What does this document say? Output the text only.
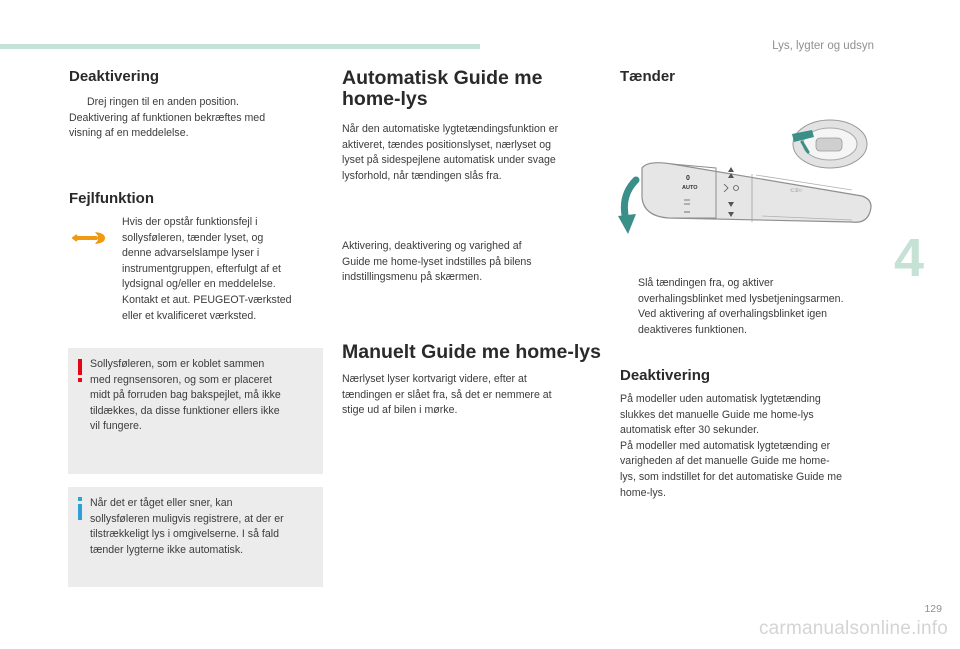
Lys, lygter og udsyn
Deaktivering
Drej ringen til en anden position.
Deaktivering af funktionen bekræftes med
visning af en meddelelse.
Fejlfunktion
Hvis der opstår funktionsfejl i
sollysføleren, tænder lyset, og
denne advarselslampe lyser i
instrumentgruppen, efterfulgt af et
lydsignal og/eller en meddelelse.
Kontakt et aut. PEUGEOT-værksted
eller et kvalificeret værksted.
Sollysføleren, som er koblet sammen
med regnsensoren, og som er placeret
midt på forruden bag bakspejlet, må ikke
tildækkes, da disse funktioner ellers ikke
vil fungere.
Når det er tåget eller sner, kan
sollysføleren muligvis registrere, at der er
tilstrækkeligt lys i omgivelserne. I så fald
tænder lygterne ikke automatisk.
Automatisk Guide me
home-lys
Når den automatiske lygtetændingsfunktion er
aktiveret, tændes positionslyset, nærlyset og
lyset på sidespejlene automatisk under svage
lysforhold, når tændingen slås fra.
Aktivering, deaktivering og varighed af
Guide me home-lyset indstilles på bilens
indstillingsmenu på skærmen.
Manuelt Guide me home-lys
Nærlyset lyser kortvarigt videre, efter at
tændingen er slået fra, så det er nemmere at
stige ud af bilen i mørke.
Tænder
0
AUTO	⊂≡○
Slå tændingen fra, og aktiver
overhalingsblinket med lysbetjeningsarmen.
Ved aktivering af overhalingsblinket igen
deaktiveres funktionen.
Deaktivering
På modeller uden automatisk lygtetænding
slukkes det manuelle Guide me home-lys
automatisk efter 30 sekunder.
På modeller med automatisk lygtetænding er
varigheden af det manuelle Guide me home-
lys, som indstillet for det automatiske Guide me
home-lys.
4
129
carmanualsonline.info
